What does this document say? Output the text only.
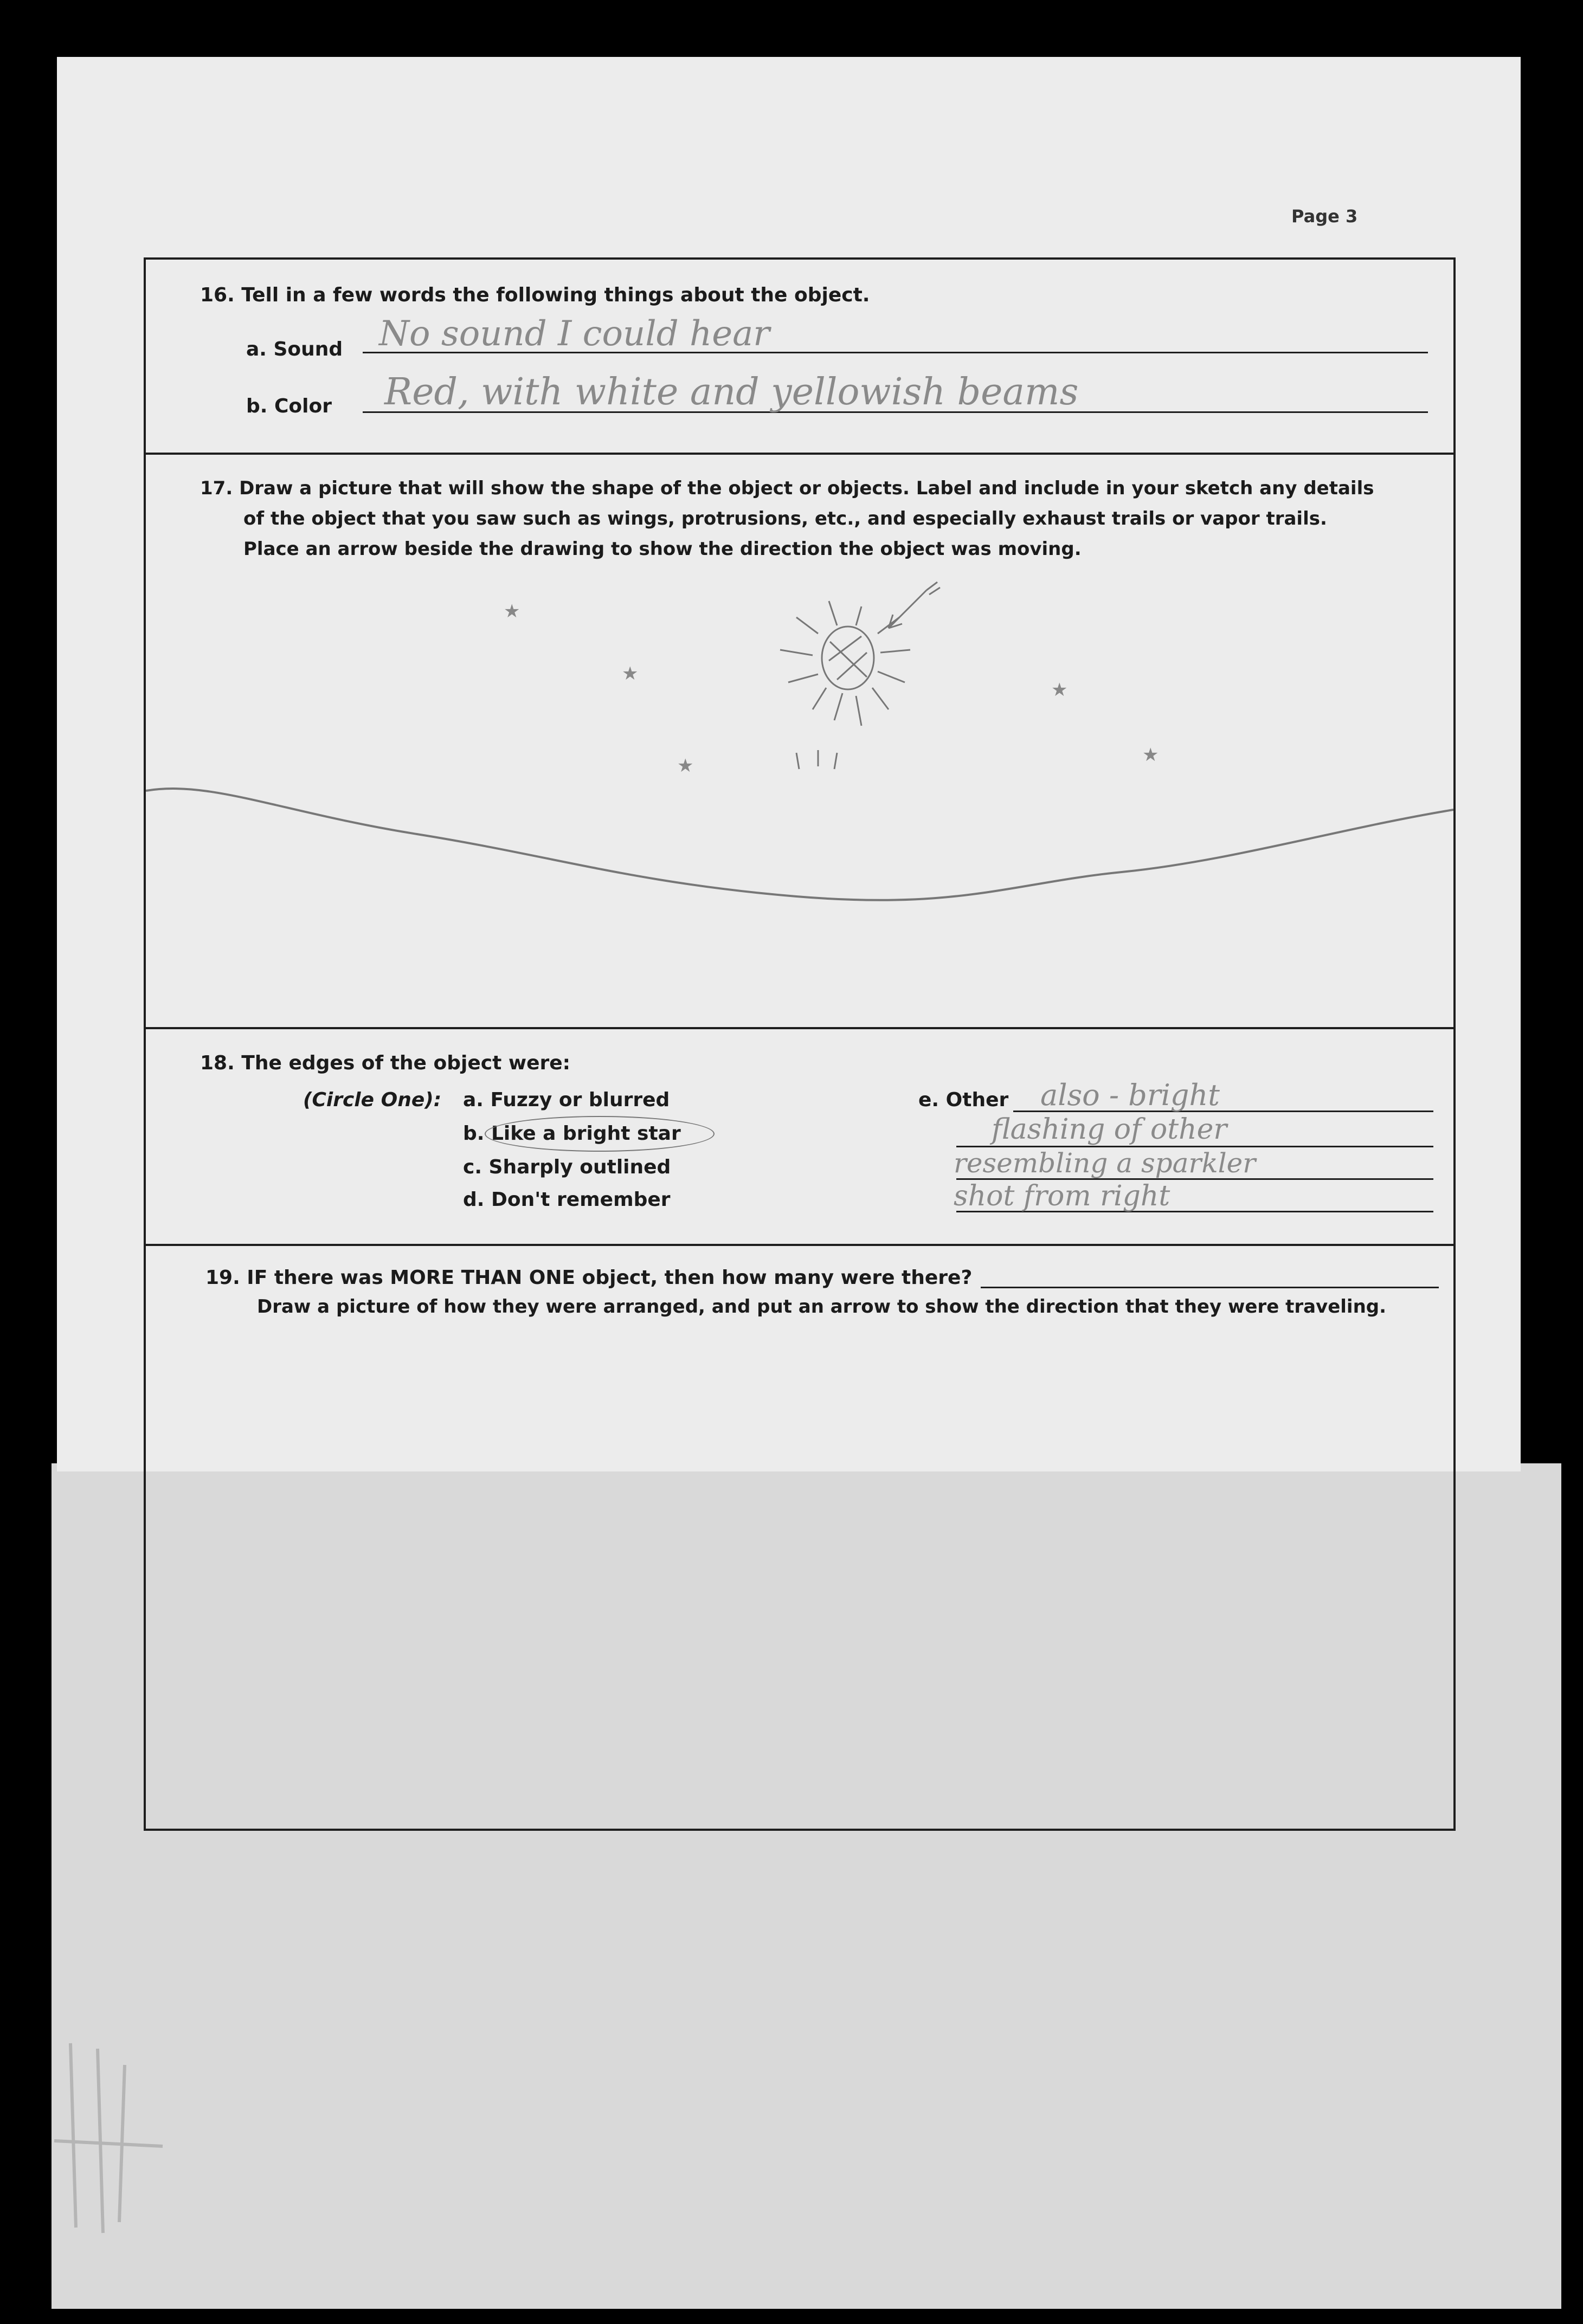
Page 3
16. Tell in a few words the following things about the object.
a. Sound No sound I could hear
b. Color Red, with white and yellowish beams
17. Draw a picture that will show the shape of the object or objects. Label and include in your sketch any details
of the object that you saw such as wings, protrusions, etc., and especially exhaust trails or vapor trails.
Place an arrow beside the drawing to show the direction the object was moving.
★
★
★
★
★
18. The edges of the object were:
(Circle One): a. Fuzzy or blurred
b. Like a bright star
c. Sharply outlined
d. Don't remember
e. Other also - bright
flashing of other
resembling a sparkler
shot from right
19. IF there was MORE THAN ONE object, then how many were there?
Draw a picture of how they were arranged, and put an arrow to show the direction that they were traveling.
